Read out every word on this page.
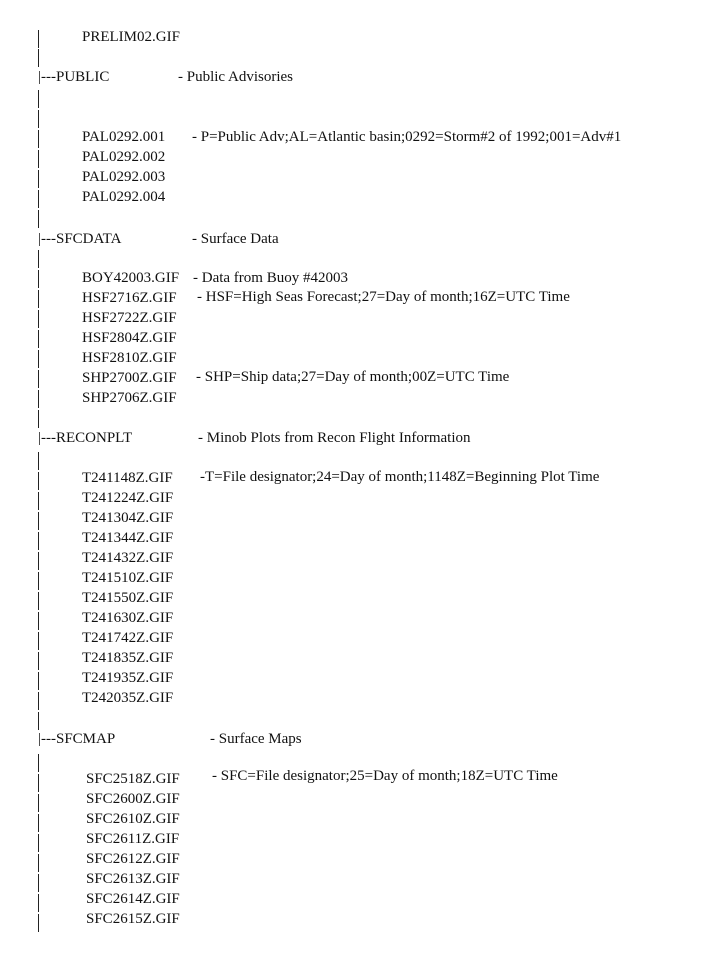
PRELIM02.GIF
|---PUBLIC	- Public Advisories
PAL0292.001 - P=Public Adv;AL=Atlantic basin;0292=Storm#2 of 1992;001=Adv#1
PAL0292.002
PAL0292.003
PAL0292.004
|---SFCDATA	- Surface Data
BOY42003.GIF - Data from Buoy #42003
HSF2716Z.GIF - HSF=High Seas Forecast;27=Day of month;16Z=UTC Time
HSF2722Z.GIF
HSF2804Z.GIF
HSF2810Z.GIF
SHP2700Z.GIF - SHP=Ship data;27=Day of month;00Z=UTC Time
SHP2706Z.GIF
|---RECONPLT	- Minob Plots from Recon Flight Information
T241148Z.GIF -T=File designator;24=Day of month;1148Z=Beginning Plot Time
T241224Z.GIF
T241304Z.GIF
T241344Z.GIF
T241432Z.GIF
T241510Z.GIF
T241550Z.GIF
T241630Z.GIF
T241742Z.GIF
T241835Z.GIF
T241935Z.GIF
T242035Z.GIF
|---SFCMAP	- Surface Maps
SFC2518Z.GIF - SFC=File designator;25=Day of month;18Z=UTC Time
SFC2600Z.GIF
SFC2610Z.GIF
SFC2611Z.GIF
SFC2612Z.GIF
SFC2613Z.GIF
SFC2614Z.GIF
SFC2615Z.GIF
